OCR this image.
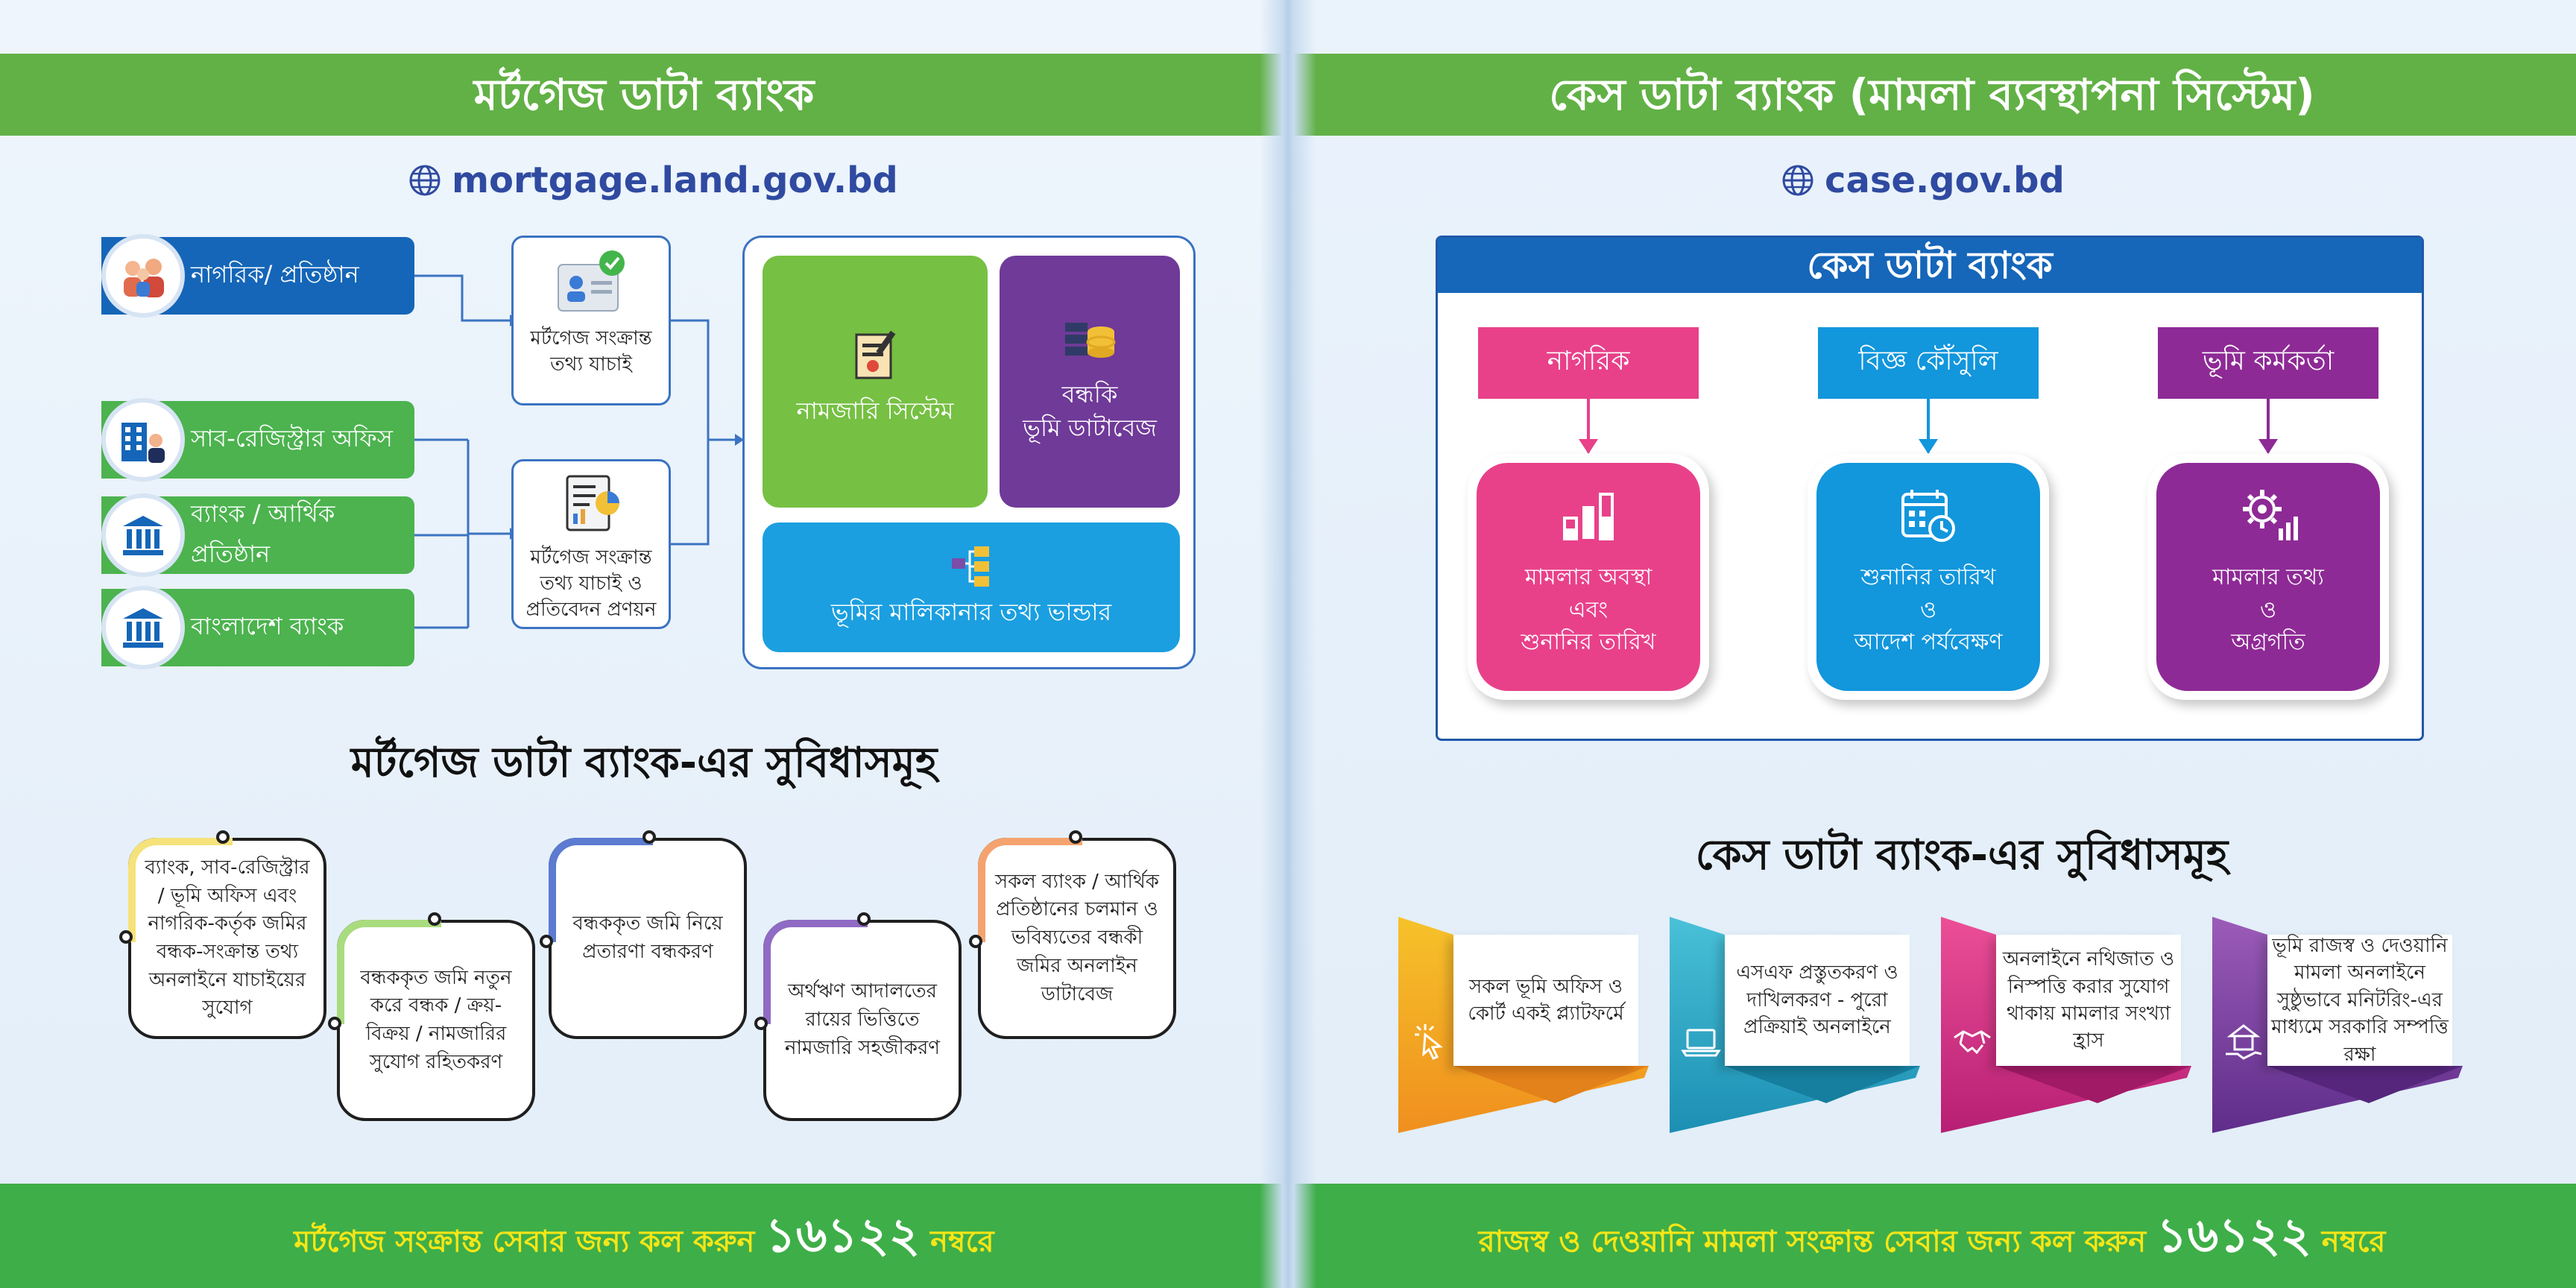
মর্টগেজ ডাটা ব্যাংক
mortgage.land.gov.bd
নাগরিক/ প্রতিষ্ঠান
সাব-রেজিস্ট্রার অফিস
ব্যাংক / আর্থিক প্রতিষ্ঠান
বাংলাদেশ ব্যাংক
মর্টগেজ সংক্রান্ত
তথ্য যাচাই
মর্টগেজ সংক্রান্ত
তথ্য যাচাই ও
প্রতিবেদন প্রণয়ন
নামজারি সিস্টেম
বন্ধকি
ভূমি ডাটাবেজ
ভূমির মালিকানার তথ্য ভান্ডার
মর্টগেজ ডাটা ব্যাংক-এর সুবিধাসমূহ
ব্যাংক, সাব-রেজিস্ট্রার / ভূমি অফিস এবং নাগরিক-কর্তৃক জমির বন্ধক-সংক্রান্ত তথ্য অনলাইনে যাচাইয়ের সুযোগ
বন্ধককৃত জমি নতুন করে বন্ধক / ক্রয়-বিক্রয় / নামজারির সুযোগ রহিতকরণ
বন্ধককৃত জমি নিয়ে প্রতারণা বন্ধকরণ
অর্থঋণ আদালতের রায়ের ভিত্তিতে নামজারি সহজীকরণ
সকল ব্যাংক / আর্থিক প্রতিষ্ঠানের চলমান ও ভবিষ্যতের বন্ধকী জমির অনলাইন ডাটাবেজ
মর্টগেজ সংক্রান্ত সেবার জন্য কল করুন ১৬১২২ নম্বরে
কেস ডাটা ব্যাংক (মামলা ব্যবস্থাপনা সিস্টেম)
case.gov.bd
কেস ডাটা ব্যাংক
নাগরিক	বিজ্ঞ কৌঁসুলি	ভূমি কর্মকর্তা
মামলার অবস্থা
এবং
শুনানির তারিখ
শুনানির তারিখ
ও
আদেশ পর্যবেক্ষণ
মামলার তথ্য
ও
অগ্রগতি
কেস ডাটা ব্যাংক-এর সুবিধাসমূহ
সকল ভূমি অফিস ও কোর্ট একই প্ল্যাটফর্মে
এসএফ প্রস্তুতকরণ ও দাখিলকরণ - পুরো প্রক্রিয়াই অনলাইনে
অনলাইনে নথিজাত ও নিস্পত্তি করার সুযোগ থাকায় মামলার সংখ্যা হ্রাস
ভূমি রাজস্ব ও দেওয়ানি মামলা অনলাইনে সুষ্ঠুভাবে মনিটরিং-এর মাধ্যমে সরকারি সম্পত্তি রক্ষা
রাজস্ব ও দেওয়ানি মামলা সংক্রান্ত সেবার জন্য কল করুন ১৬১২২ নম্বরে
